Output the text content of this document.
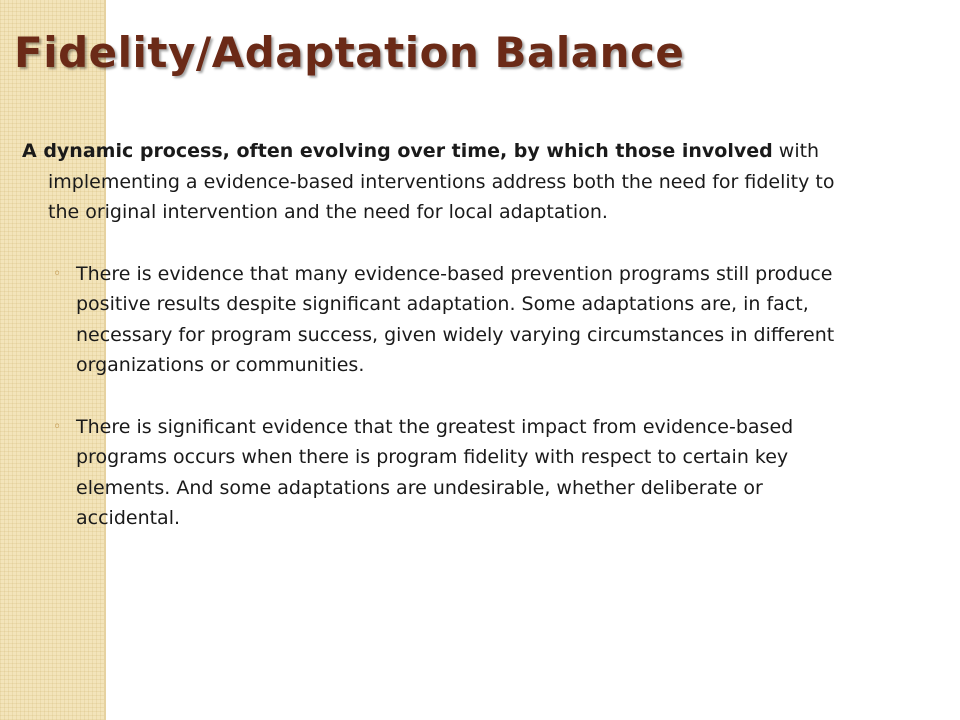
Fidelity/Adaptation Balance

A dynamic process, often evolving over time, by which those involved with implementing a evidence-based interventions address both the need for fidelity to the original intervention and the need for local adaptation.

◦ There is evidence that many evidence-based prevention programs still produce positive results despite significant adaptation. Some adaptations are, in fact, necessary for program success, given widely varying circumstances in different organizations or communities.
◦ There is significant evidence that the greatest impact from evidence-based programs occurs when there is program fidelity with respect to certain key elements. And some adaptations are undesirable, whether deliberate or accidental.
